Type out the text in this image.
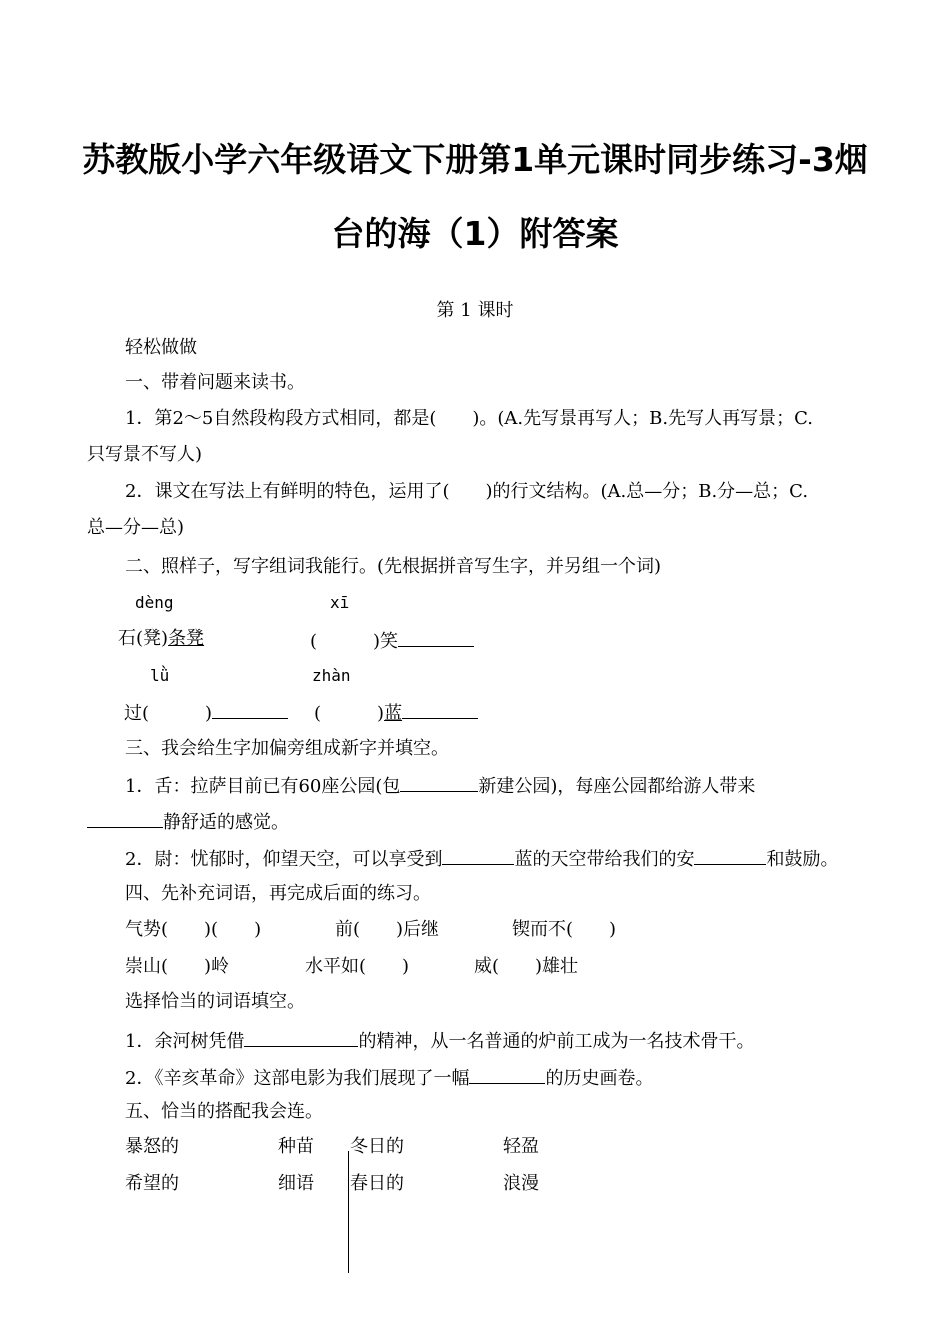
苏教版小学六年级语文下册第1单元课时同步练习-3烟
台的海（1）附答案
第 1 课时
轻松做做
一、带着问题来读书。
1．第2～5自然段构段方式相同，都是(　　)。(A.先写景再写人；B.先写人再写景；C.
只写景不写人)
2．课文在写法上有鲜明的特色，运用了(　　)的行文结构。(A.总—分；B.分—总；C.
总—分—总)
二、照样子，写字组词我能行。(先根据拼音写生字，并另组一个词)
dèng	xī
石(凳)条凳	(	)笑
lǜ	zhàn
过(	)	(	)蓝
三、我会给生字加偏旁组成新字并填空。
1．舌：拉萨目前已有60座公园(包	新建公园)，每座公园都给游人带来
静舒适的感觉。
2．尉：忧郁时，仰望天空，可以享受到	蓝的天空带给我们的安	和鼓励。
四、先补充词语，再完成后面的练习。
气势(　　)(　　)	前(　　)后继	锲而不(　　)
崇山(　　)岭	水平如(　　)	威(　　)雄壮
选择恰当的词语填空。
1．余河树凭借	的精神，从一名普通的炉前工成为一名技术骨干。
2．《辛亥革命》这部电影为我们展现了一幅	的历史画卷。
五、恰当的搭配我会连。
暴怒的	种苗 冬日的	轻盈
希望的	细语 春日的	浪漫
